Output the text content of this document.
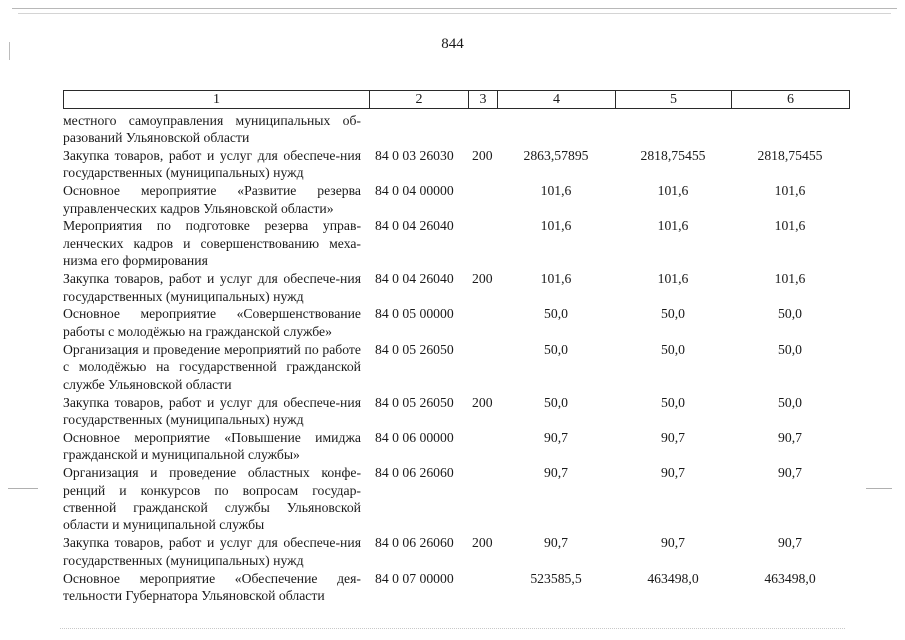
844
1	2	3	4	5	6
местного самоуправления муниципальных об-разований Ульяновской области					
Закупка товаров, работ и услуг для обеспече-ния государственных (муниципальных) нужд	84 0 03 26030	200	2863,57895	2818,75455	2818,75455
Основное мероприятие «Развитие резерва управленческих кадров Ульяновской области»	84 0 04 00000		101,6	101,6	101,6
Мероприятия по подготовке резерва управ-ленческих кадров и совершенствованию меха-низма его формирования	84 0 04 26040		101,6	101,6	101,6
Закупка товаров, работ и услуг для обеспече-ния государственных (муниципальных) нужд	84 0 04 26040	200	101,6	101,6	101,6
Основное мероприятие «Совершенствование работы с молодёжью на гражданской службе»	84 0 05 00000		50,0	50,0	50,0
Организация и проведение мероприятий по работе с молодёжью на государственной гражданской службе Ульяновской области	84 0 05 26050		50,0	50,0	50,0
Закупка товаров, работ и услуг для обеспече-ния государственных (муниципальных) нужд	84 0 05 26050	200	50,0	50,0	50,0
Основное мероприятие «Повышение имиджа гражданской и муниципальной службы»	84 0 06 00000		90,7	90,7	90,7
Организация и проведение областных конфе-ренций и конкурсов по вопросам государ-ственной гражданской службы Ульяновской области и муниципальной службы	84 0 06 26060		90,7	90,7	90,7
Закупка товаров, работ и услуг для обеспече-ния государственных (муниципальных) нужд	84 0 06 26060	200	90,7	90,7	90,7
Основное мероприятие «Обеспечение дея-тельности Губернатора Ульяновской области	84 0 07 00000		523585,5	463498,0	463498,0
